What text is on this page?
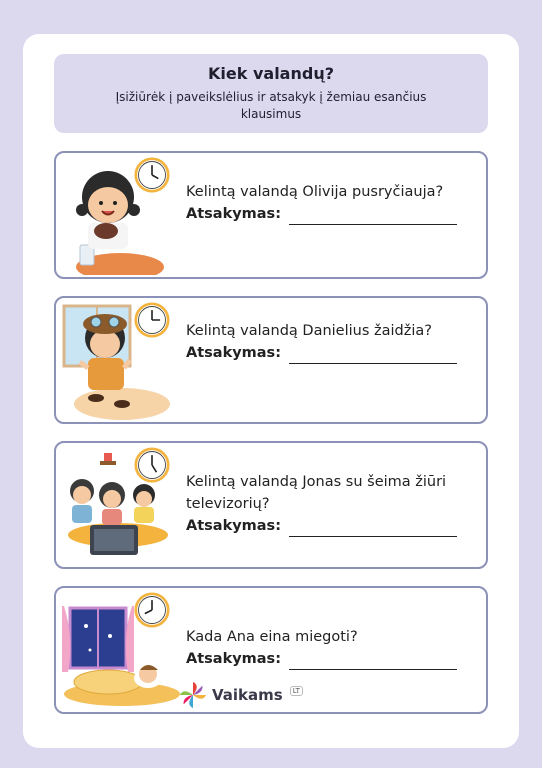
Kiek valandų?
Įsižiūrėk į paveikslėlius ir atsakyk į žemiau esančius klausimus
Kelintą valandą Olivija pusryčiauja?
Atsakymas:
Kelintą valandą Danielius žaidžia?
Atsakymas:
Kelintą valandą Jonas su šeima žiūri televizorių?
Atsakymas:
Kada Ana eina miegoti?
Atsakymas:
Vaikams	LT
